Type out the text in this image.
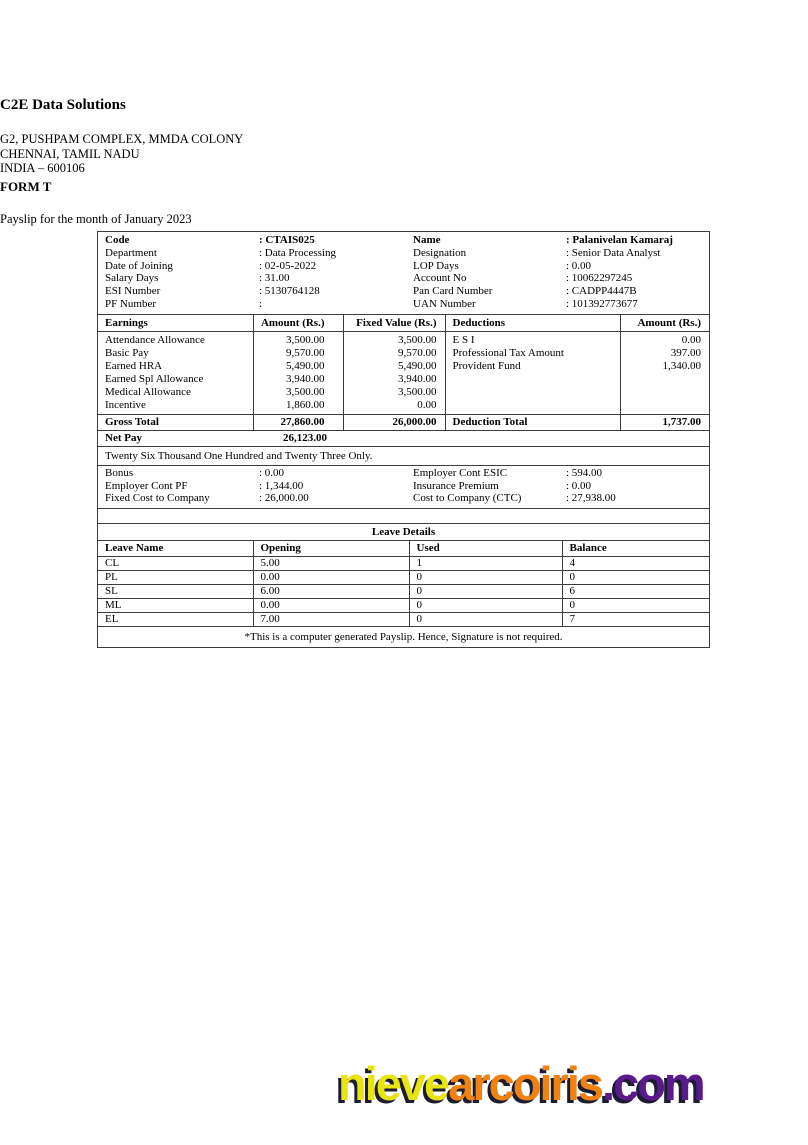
C2E Data Solutions
G2, PUSHPAM COMPLEX, MMDA COLONY
CHENNAI, TAMIL NADU
INDIA – 600106
FORM T
Payslip for the month of January 2023
Code	: CTAIS025	Name	: Palanivelan Kamaraj
Department	: Data Processing	Designation	: Senior Data Analyst
Date of Joining	: 02-05-2022	LOP Days	: 0.00
Salary Days	: 31.00	Account No	: 10062297245
ESI Number	: 5130764128	Pan Card Number	: CADPP4447B
PF Number	:	UAN Number	: 101392773677
Earnings	Amount (Rs.)	Fixed Value (Rs.)	Deductions	Amount (Rs.)
Attendance Allowance	3,500.00	3,500.00	E S I	0.00
Basic Pay	9,570.00	9,570.00	Professional Tax Amount	397.00
Earned HRA	5,490.00	5,490.00	Provident Fund	1,340.00
Earned Spl Allowance	3,940.00	3,940.00		
Medical Allowance	3,500.00	3,500.00		
Incentive	1,860.00	0.00		
Gross Total	27,860.00	26,000.00	Deduction Total	1,737.00
Net Pay	26,123.00
Twenty Six Thousand One Hundred and Twenty Three Only.
Bonus	: 0.00	Employer Cont ESIC	: 594.00
Employer Cont PF	: 1,344.00	Insurance Premium	: 0.00
Fixed Cost to Company	: 26,000.00	Cost to Company (CTC)	: 27,938.00
Leave Details
Leave Name	Opening	Used	Balance
CL	5.00	1	4
PL	0.00	0	0
SL	6.00	0	6
ML	0.00	0	0
EL	7.00	0	7
*This is a computer generated Payslip. Hence, Signature is not required.
nievearcoiris.com
